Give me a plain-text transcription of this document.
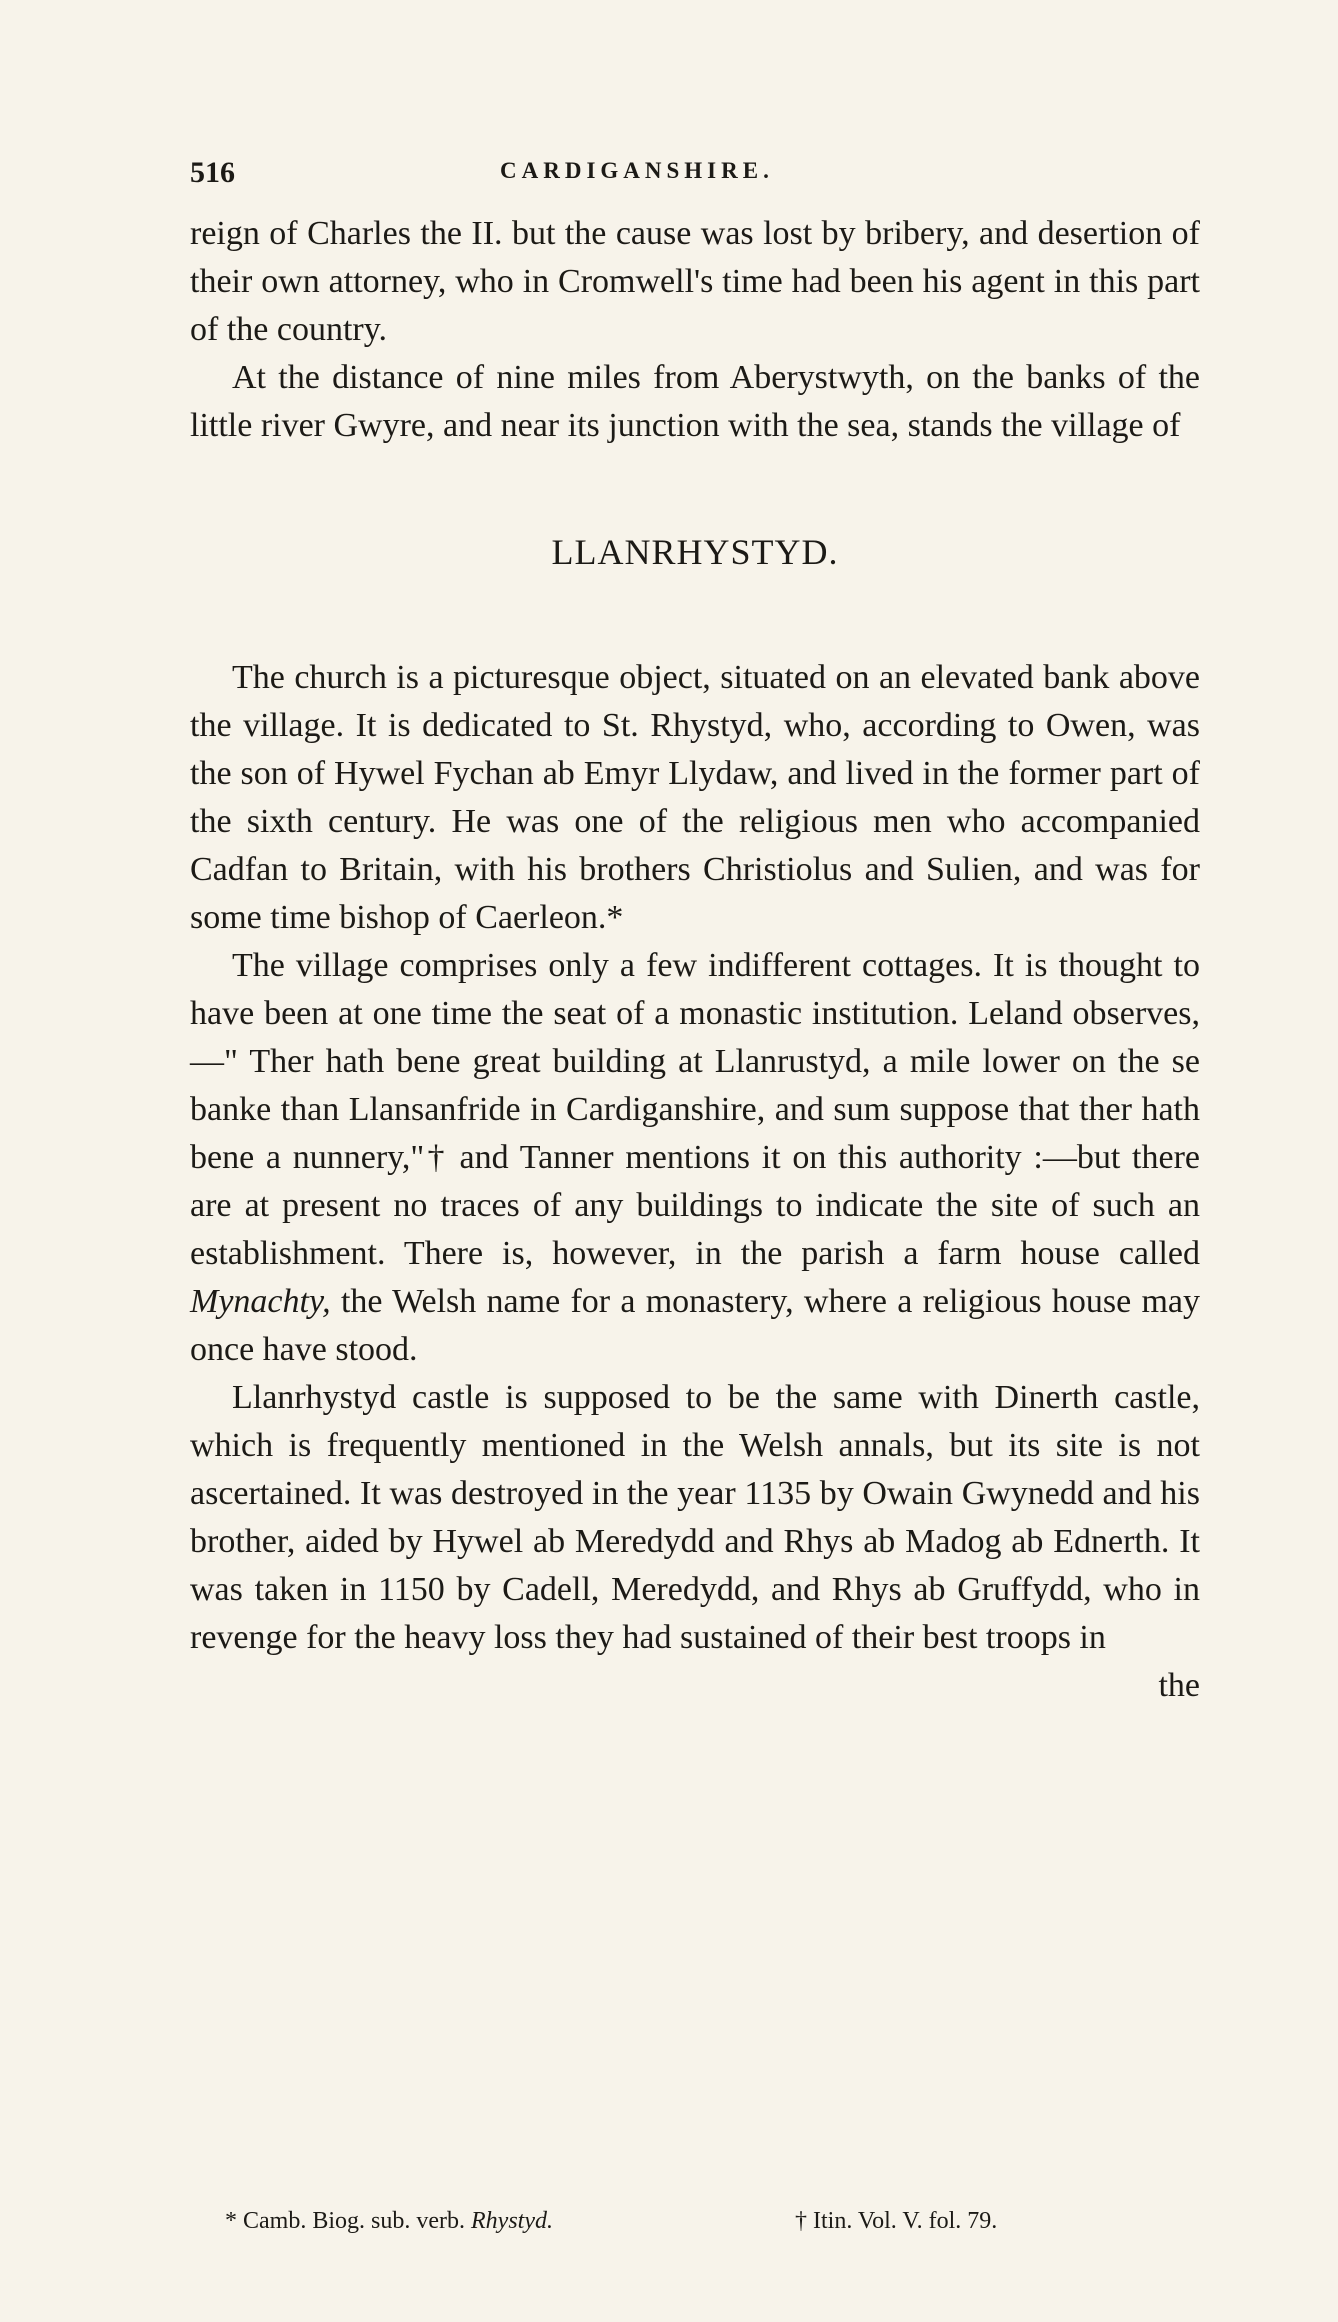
516	CARDIGANSHIRE.

reign of Charles the II. but the cause was lost by bribery, and desertion of their own attorney, who in Cromwell's time had been his agent in this part of the country.

At the distance of nine miles from Aberystwyth, on the banks of the little river Gwyre, and near its junction with the sea, stands the village of

LLANRHYSTYD.

The church is a picturesque object, situated on an elevated bank above the village. It is dedicated to St. Rhystyd, who, according to Owen, was the son of Hywel Fychan ab Emyr Llydaw, and lived in the former part of the sixth century. He was one of the religious men who accompanied Cadfan to Britain, with his brothers Christiolus and Sulien, and was for some time bishop of Caerleon.*

The village comprises only a few indifferent cottages. It is thought to have been at one time the seat of a monastic institution. Leland observes,—" Ther hath bene great building at Llanrustyd, a mile lower on the se banke than Llansanfride in Cardiganshire, and sum suppose that ther hath bene a nunnery,"† and Tanner mentions it on this authority :—but there are at present no traces of any buildings to indicate the site of such an establishment. There is, however, in the parish a farm house called Mynachty, the Welsh name for a monastery, where a religious house may once have stood.

Llanrhystyd castle is supposed to be the same with Dinerth castle, which is frequently mentioned in the Welsh annals, but its site is not ascertained. It was destroyed in the year 1135 by Owain Gwynedd and his brother, aided by Hywel ab Meredydd and Rhys ab Madog ab Ednerth. It was taken in 1150 by Cadell, Meredydd, and Rhys ab Gruffydd, who in revenge for the heavy loss they had sustained of their best troops in

the

* Camb. Biog. sub. verb. Rhystyd.	† Itin. Vol. V. fol. 79.
